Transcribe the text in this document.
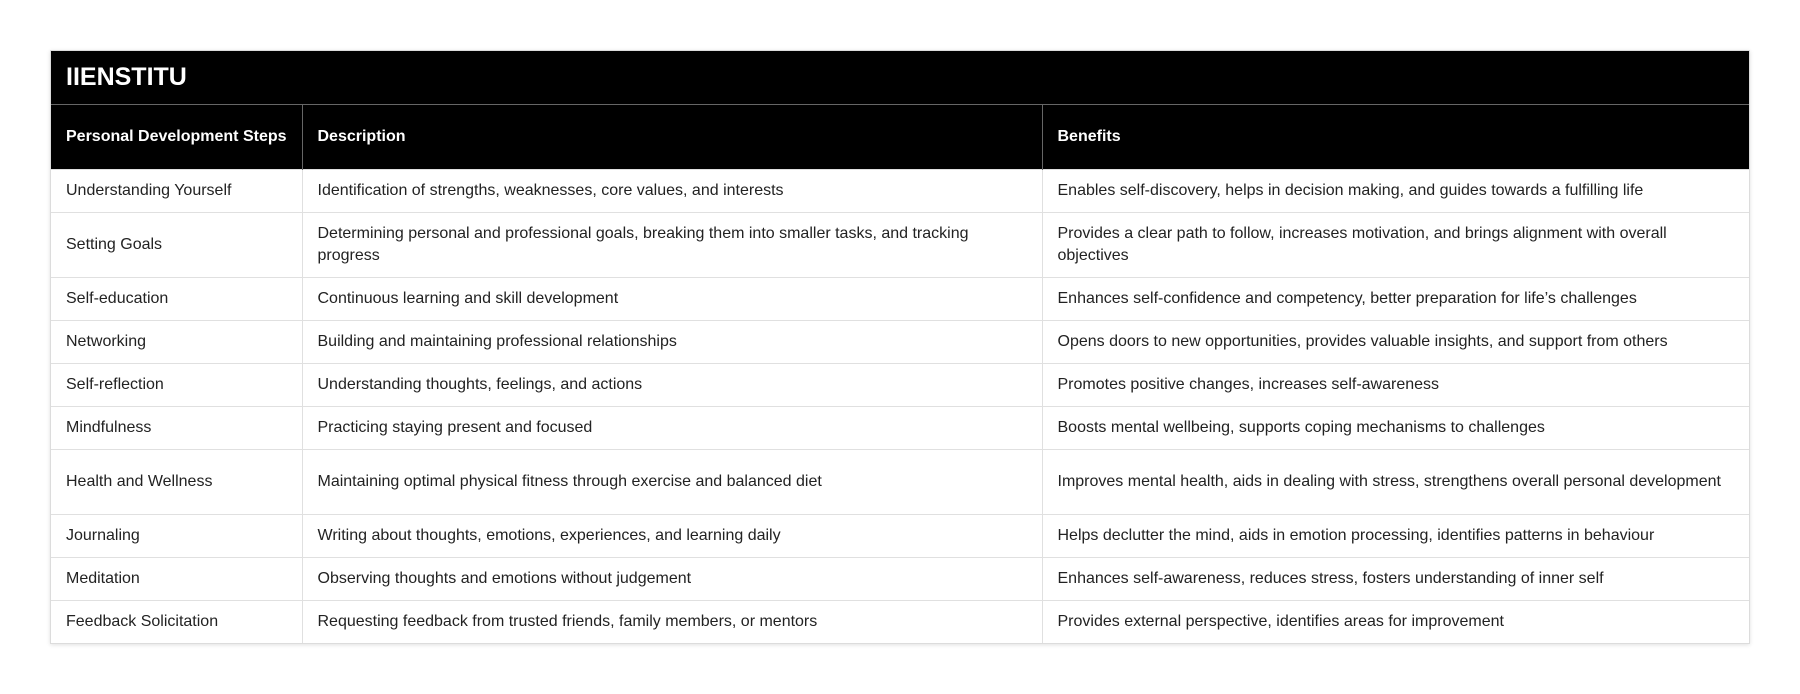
IIENSTITU
Personal Development Steps	Description	Benefits
Understanding Yourself	Identification of strengths, weaknesses, core values, and interests	Enables self-discovery, helps in decision making, and guides towards a fulfilling life
Setting Goals	Determining personal and professional goals, breaking them into smaller tasks, and tracking progress	Provides a clear path to follow, increases motivation, and brings alignment with overall objectives
Self-education	Continuous learning and skill development	Enhances self-confidence and competency, better preparation for life’s challenges
Networking	Building and maintaining professional relationships	Opens doors to new opportunities, provides valuable insights, and support from others
Self-reflection	Understanding thoughts, feelings, and actions	Promotes positive changes, increases self-awareness
Mindfulness	Practicing staying present and focused	Boosts mental wellbeing, supports coping mechanisms to challenges
Health and Wellness	Maintaining optimal physical fitness through exercise and balanced diet	Improves mental health, aids in dealing with stress, strengthens overall personal development
Journaling	Writing about thoughts, emotions, experiences, and learning daily	Helps declutter the mind, aids in emotion processing, identifies patterns in behaviour
Meditation	Observing thoughts and emotions without judgement	Enhances self-awareness, reduces stress, fosters understanding of inner self
Feedback Solicitation	Requesting feedback from trusted friends, family members, or mentors	Provides external perspective, identifies areas for improvement
